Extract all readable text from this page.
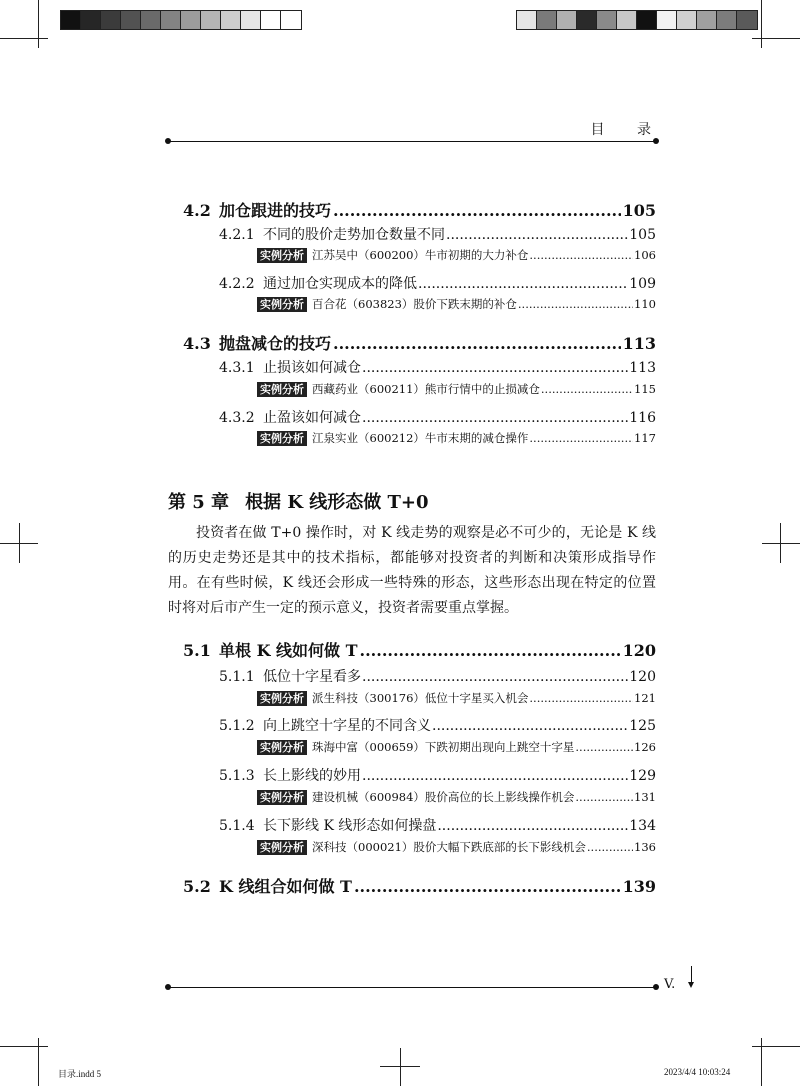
目 录
4.2 加仓跟进的技巧 .....	105
4.2.1 不同的股价走势加仓数量不同 .....	105
实例分析 江苏吴中（600200）牛市初期的大力补仓 .....	106
4.2.2 通过加仓实现成本的降低 .....	109
实例分析 百合花（603823）股价下跌末期的补仓 .....	110
4.3 抛盘减仓的技巧 .....	113
4.3.1 止损该如何减仓 .....	113
实例分析 西藏药业（600211）熊市行情中的止损减仓 .....	115
4.3.2 止盈该如何减仓 .....	116
实例分析 江泉实业（600212）牛市末期的减仓操作 .....	117
第 5 章 根据 K 线形态做 T+0

投资者在做 T+0 操作时，对 K 线走势的观察是必不可少的，无论是 K 线的历史走势还是其中的技术指标，都能够对投资者的判断和决策形成指导作用。在有些时候，K 线还会形成一些特殊的形态，这些形态出现在特定的位置时将对后市产生一定的预示意义，投资者需要重点掌握。

5.1 单根 K 线如何做 T .....	120
5.1.1 低位十字星看多 .....	120
实例分析 派生科技（300176）低位十字星买入机会 .....	121
5.1.2 向上跳空十字星的不同含义 .....	125
实例分析 珠海中富（000659）下跌初期出现向上跳空十字星 .....	126
5.1.3 长上影线的妙用 .....	129
实例分析 建设机械（600984）股价高位的长上影线操作机会 .....	131
5.1.4 长下影线 K 线形态如何操盘 .....	134
实例分析 深科技（000021）股价大幅下跌底部的长下影线机会 .....	136
5.2 K 线组合如何做 T .....	139
V.
目录.indd 5	2023/4/4 10:03:24
